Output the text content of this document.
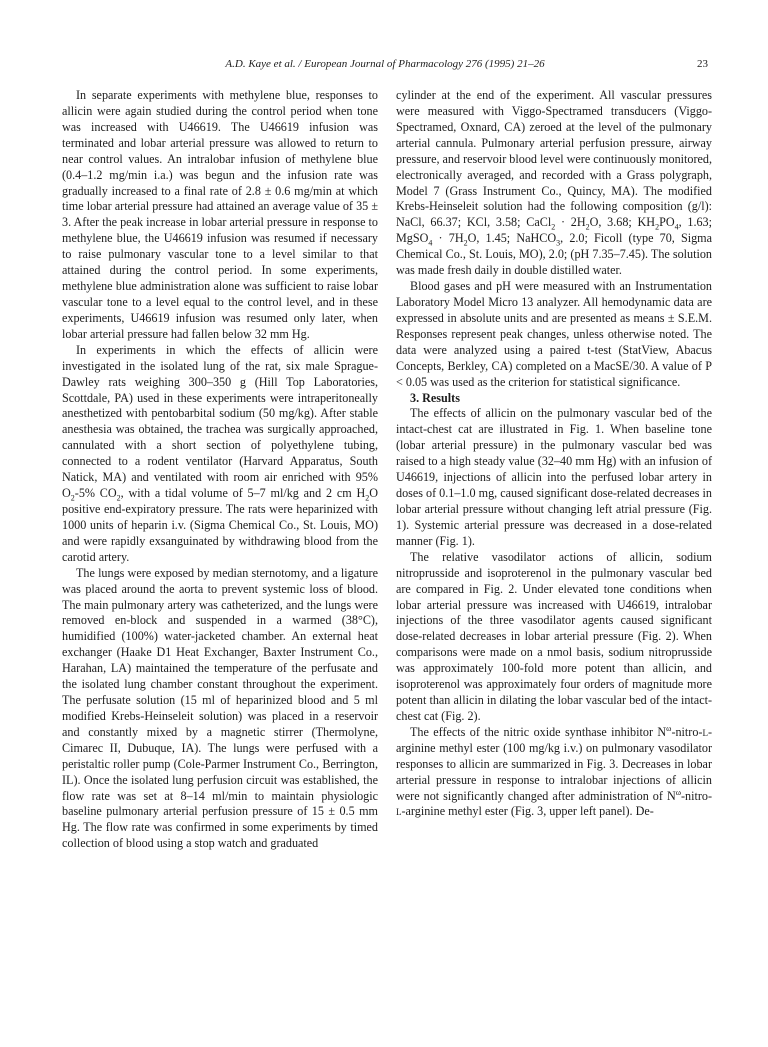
A.D. Kaye et al. / European Journal of Pharmacology 276 (1995) 21–26	23

In separate experiments with methylene blue, responses to allicin were again studied during the control period when tone was increased with U46619. The U46619 infusion was terminated and lobar arterial pressure was allowed to return to near control values. An intralobar infusion of methylene blue (0.4–1.2 mg/min i.a.) was begun and the infusion rate was gradually increased to a final rate of 2.8 ± 0.6 mg/min at which time lobar arterial pressure had attained an average value of 35 ± 3. After the peak increase in lobar arterial pressure in response to methylene blue, the U46619 infusion was resumed if necessary to raise pulmonary vascular tone to a level similar to that attained during the control period. In some experiments, methylene blue administration alone was sufficient to raise lobar vascular tone to a level equal to the control level, and in these experiments, U46619 infusion was resumed only later, when lobar arterial pressure had fallen below 32 mm Hg.

In experiments in which the effects of allicin were investigated in the isolated lung of the rat, six male Sprague-Dawley rats weighing 300–350 g (Hill Top Laboratories, Scottdale, PA) used in these experiments were intraperitoneally anesthetized with pentobarbital sodium (50 mg/kg). After stable anesthesia was obtained, the trachea was surgically approached, cannulated with a short section of polyethylene tubing, connected to a rodent ventilator (Harvard Apparatus, South Natick, MA) and ventilated with room air enriched with 95% $O_2-5\%$ $CO_2$, with a tidal volume of 5–7 ml/kg and 2 cm $H_2O$ positive end-expiratory pressure. The rats were heparinized with 1000 units of heparin i.v. (Sigma Chemical Co., St. Louis, MO) and were rapidly exsanguinated by withdrawing blood from the carotid artery.

The lungs were exposed by median sternotomy, and a ligature was placed around the aorta to prevent systemic loss of blood. The main pulmonary artery was catheterized, and the lungs were removed en-block and suspended in a warmed (38°C), humidified (100%) water-jacketed chamber. An external heat exchanger (Haake D1 Heat Exchanger, Baxter Instrument Co., Harahan, LA) maintained the temperature of the perfusate and the isolated lung chamber constant throughout the experiment. The perfusate solution (15 ml of heparinized blood and 5 ml modified Krebs-Heinseleit solution) was placed in a reservoir and constantly mixed by a magnetic stirrer (Thermolyne, Cimarec II, Dubuque, IA). The lungs were perfused with a peristaltic roller pump (Cole-Parmer Instrument Co., Berrington, IL). Once the isolated lung perfusion circuit was established, the flow rate was set at 8–14 ml/min to maintain physiologic baseline pulmonary arterial perfusion pressure of 15 ± 0.5 mm Hg. The flow rate was confirmed in some experiments by timed collection of blood using a stop watch and graduated

cylinder at the end of the experiment. All vascular pressures were measured with Viggo-Spectramed transducers (Viggo-Spectramed, Oxnard, CA) zeroed at the level of the pulmonary arterial cannula. Pulmonary arterial perfusion pressure, airway pressure, and reservoir blood level were continuously monitored, electronically averaged, and recorded with a Grass polygraph, Model 7 (Grass Instrument Co., Quincy, MA). The modified Krebs-Heinseleit solution had the following composition (g/l): NaCl, 66.37; KCl, 3.58; CaCl$_2$ · $2H_2O$, 3.68; $KH_2PO_4$, 1.63; MgSO$_4$ · $7H_2O$, 1.45; NaHCO$_3$, 2.0; Ficoll (type 70, Sigma Chemical Co., St. Louis, MO), 2.0; (pH 7.35–7.45). The solution was made fresh daily in double distilled water.

Blood gases and pH were measured with an Instrumentation Laboratory Model Micro 13 analyzer. All hemodynamic data are expressed in absolute units and are presented as means ± S.E.M. Responses represent peak changes, unless otherwise noted. The data were analyzed using a paired t-test (StatView, Abacus Concepts, Berkley, CA) completed on a MacSE/30. A value of P < 0.05 was used as the criterion for statistical significance.

3. Results

The effects of allicin on the pulmonary vascular bed of the intact-chest cat are illustrated in Fig. 1. When baseline tone (lobar arterial pressure) in the pulmonary vascular bed was raised to a high steady value (32–40 mm Hg) with an infusion of U46619, injections of allicin into the perfused lobar artery in doses of 0.1–1.0 mg, caused significant dose-related decreases in lobar arterial pressure without changing left atrial pressure (Fig. 1). Systemic arterial pressure was decreased in a dose-related manner (Fig. 1).

The relative vasodilator actions of allicin, sodium nitroprusside and isoproterenol in the pulmonary vascular bed are compared in Fig. 2. Under elevated tone conditions when lobar arterial pressure was increased with U46619, intralobar injections of the three vasodilator agents caused significant dose-related decreases in lobar arterial pressure (Fig. 2). When comparisons were made on a nmol basis, sodium nitroprusside was approximately 100-fold more potent than allicin, and isoproterenol was approximately four orders of magnitude more potent than allicin in dilating the lobar vascular bed of the intact-chest cat (Fig. 2).

The effects of the nitric oxide synthase inhibitor $N^\omega-nitro-l$-arginine methyl ester (100 mg/kg i.v.) on pulmonary vasodilator responses to allicin are summarized in Fig. 3. Decreases in lobar arterial pressure in response to intralobar injections of allicin were not significantly changed after administration of $N^\omega-nitro-l$-arginine methyl ester (Fig. 3, upper left panel). De-
